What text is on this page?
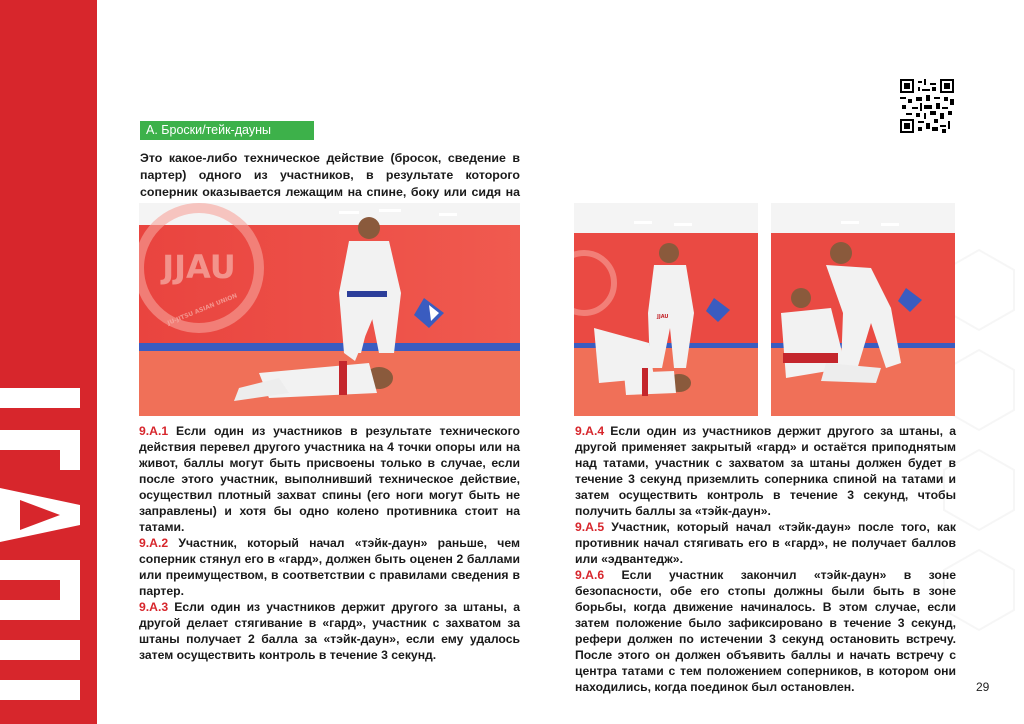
А. Броски/тейк-дауны
Это какое-либо техническое действие (бросок, сведение в партер) одного из участников, в результате которого соперник оказывается лежащим на спине, боку или сидя на
JJAU
JU-JITSU ASIAN UNION	JJAU

9.А.1 Если один из участников в результате технического действия перевел другого участника на 4 точки опоры или на живот, баллы могут быть присвоены только в случае, если после этого участник, выполнивший техническое действие, осуществил плотный захват спины (его ноги могут быть не заправлены) и хотя бы одно колено противника стоит на татами.

9.А.2 Участник, который начал «тэйк-даун» раньше, чем соперник стянул его в «гард», должен быть оценен 2 баллами или преимуществом, в соответствии с правилами сведения в партер.

9.А.3 Если один из участников держит другого за штаны, а другой делает стягивание в «гард», участник с захватом за штаны получает 2 балла за «тэйк-даун», если ему удалось затем осуществить контроль в течение 3 секунд.

9.А.4 Если один из участников держит другого за штаны, а другой применяет закрытый «гард» и остаётся приподнятым над татами, участник с захватом за штаны должен будет в течение 3 секунд приземлить соперника спиной на татами и затем осуществить контроль в течение 3 секунд, чтобы получить баллы за «тэйк-даун».

9.А.5 Участник, который начал «тэйк-даун» после того, как противник начал стягивать его в «гард», не получает баллов или «эдвантедж».

9.А.6 Если участник закончил «тэйк-даун» в зоне безопасности, обе его стопы должны были быть в зоне борьбы, когда движение начиналось. В этом случае, если затем положение было зафиксировано в течение 3 секунд, рефери должен по истечении 3 секунд остановить встречу. После этого он должен объявить баллы и начать встречу с центра татами с тем положением соперников, в котором они находились, когда поединок был остановлен.	29
